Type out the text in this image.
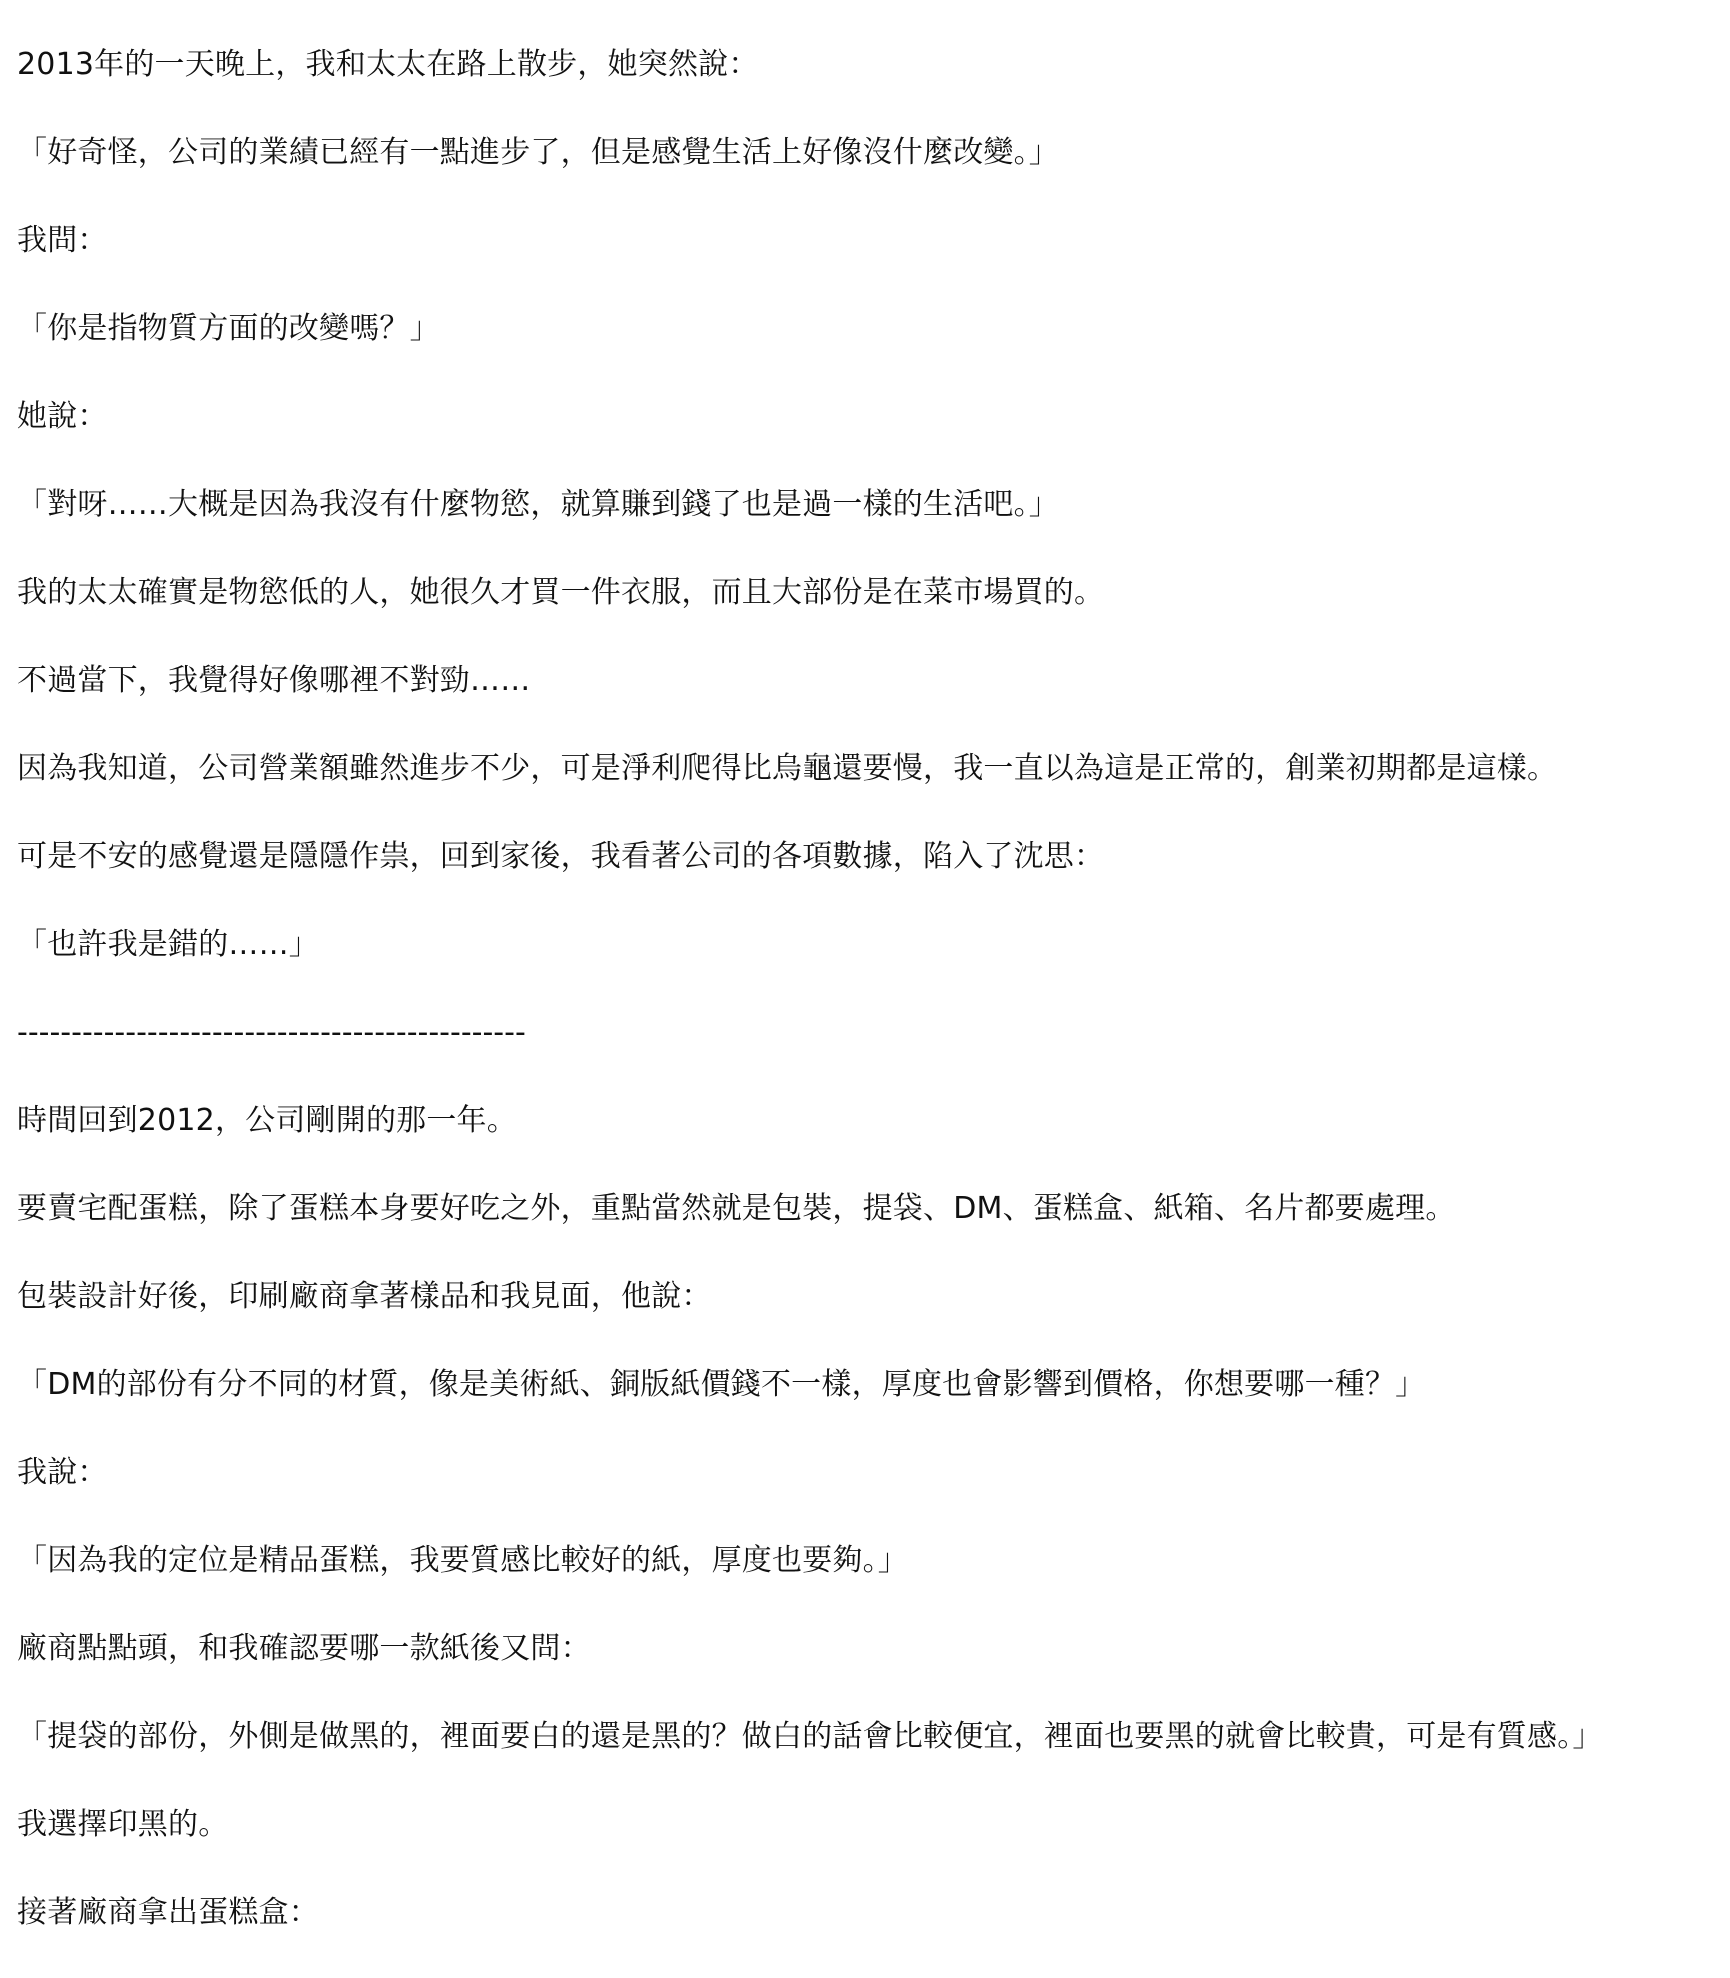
2013年的一天晚上，我和太太在路上散步，她突然說：

「好奇怪，公司的業績已經有一點進步了，但是感覺生活上好像沒什麼改變。」

我問：

「你是指物質方面的改變嗎？」

她說：

「對呀……大概是因為我沒有什麼物慾，就算賺到錢了也是過一樣的生活吧。」

我的太太確實是物慾低的人，她很久才買一件衣服，而且大部份是在菜市場買的。

不過當下，我覺得好像哪裡不對勁……

因為我知道，公司營業額雖然進步不少，可是淨利爬得比烏龜還要慢，我一直以為這是正常的，創業初期都是這樣。

可是不安的感覺還是隱隱作祟，回到家後，我看著公司的各項數據，陷入了沈思：

「也許我是錯的……」

-----------------------------------------------

時間回到2012，公司剛開的那一年。

要賣宅配蛋糕，除了蛋糕本身要好吃之外，重點當然就是包裝，提袋、DM、蛋糕盒、紙箱、名片都要處理。

包裝設計好後，印刷廠商拿著樣品和我見面，他說：

「DM的部份有分不同的材質，像是美術紙、銅版紙價錢不一樣，厚度也會影響到價格，你想要哪一種？」

我說：

「因為我的定位是精品蛋糕，我要質感比較好的紙，厚度也要夠。」

廠商點點頭，和我確認要哪一款紙後又問：

「提袋的部份，外側是做黑的，裡面要白的還是黑的？做白的話會比較便宜，裡面也要黑的就會比較貴，可是有質感。」

我選擇印黑的。

接著廠商拿出蛋糕盒：
